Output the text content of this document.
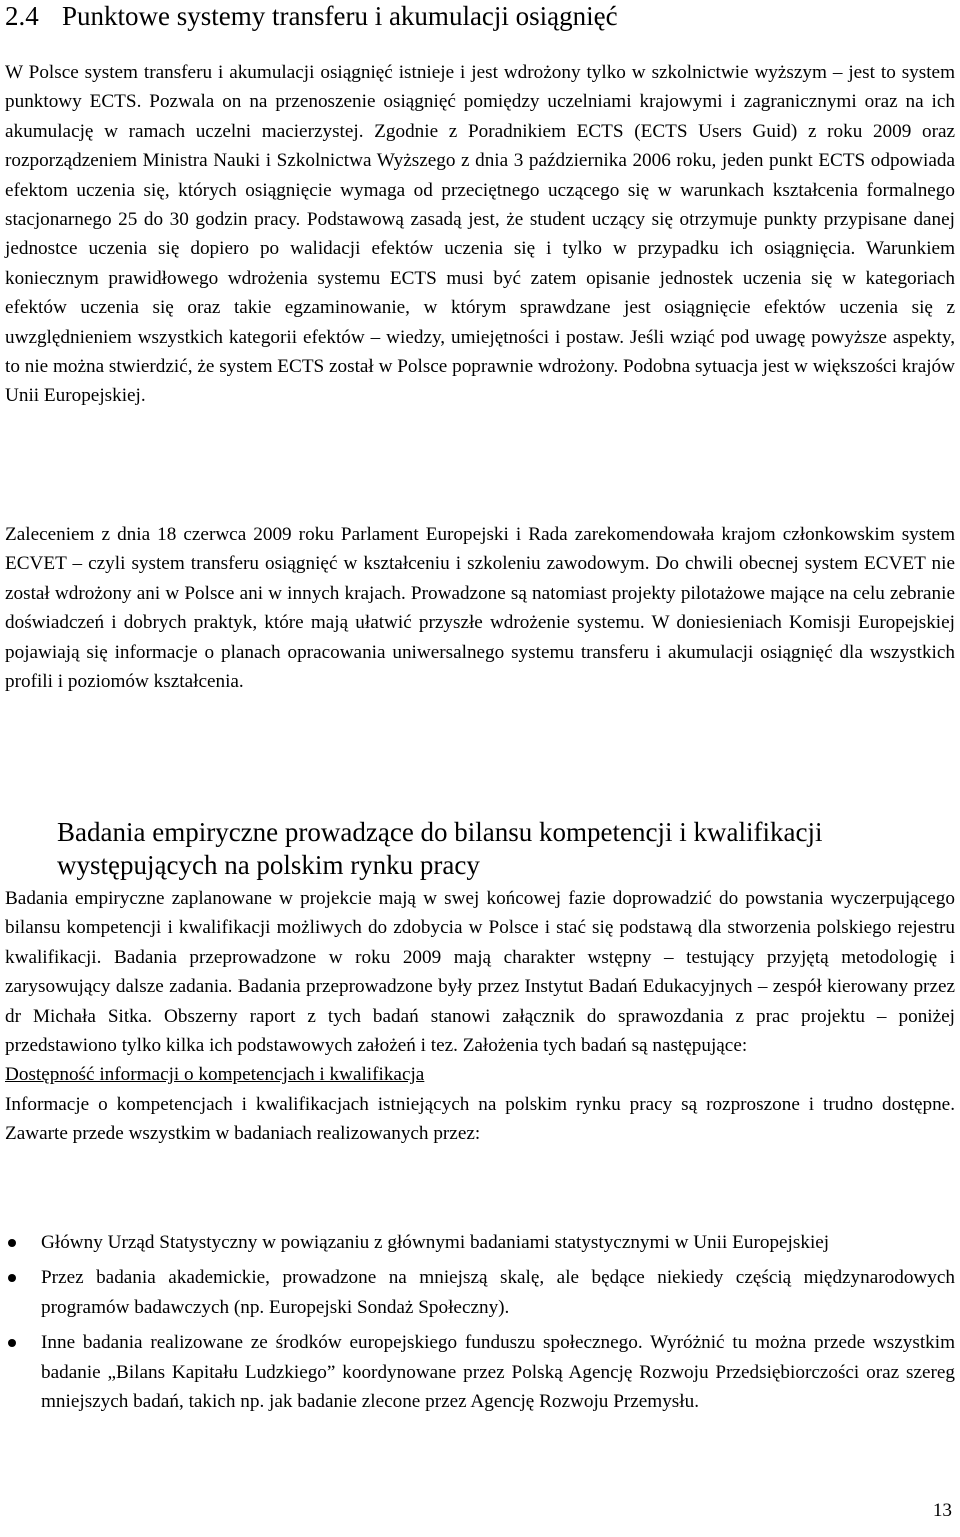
2.4 Punktowe systemy transferu i akumulacji osiągnięć

W Polsce system transferu i akumulacji osiągnięć istnieje i jest wdrożony tylko w szkolnictwie wyższym – jest to system punktowy ECTS. Pozwala on na przenoszenie osiągnięć pomiędzy uczelniami krajowymi i zagranicznymi oraz na ich akumulację w ramach uczelni macierzystej. Zgodnie z Poradnikiem ECTS (ECTS Users Guid) z roku 2009 oraz rozporządzeniem Ministra Nauki i Szkolnictwa Wyższego z dnia 3 października 2006 roku, jeden punkt ECTS odpowiada efektom uczenia się, których osiągnięcie wymaga od przeciętnego uczącego się w warunkach kształcenia formalnego stacjonarnego 25 do 30 godzin pracy. Podstawową zasadą jest, że student uczący się otrzymuje punkty przypisane danej jednostce uczenia się dopiero po walidacji efektów uczenia się i tylko w przypadku ich osiągnięcia. Warunkiem koniecznym prawidłowego wdrożenia systemu ECTS musi być zatem opisanie jednostek uczenia się w kategoriach efektów uczenia się oraz takie egzaminowanie, w którym sprawdzane jest osiągnięcie efektów uczenia się z uwzględnieniem wszystkich kategorii efektów – wiedzy, umiejętności i postaw. Jeśli wziąć pod uwagę powyższe aspekty, to nie można stwierdzić, że system ECTS został w Polsce poprawnie wdrożony. Podobna sytuacja jest w większości krajów Unii Europejskiej.

Zaleceniem z dnia 18 czerwca 2009 roku Parlament Europejski i Rada zarekomendowała krajom członkowskim system ECVET – czyli system transferu osiągnięć w kształceniu i szkoleniu zawodowym. Do chwili obecnej system ECVET nie został wdrożony ani w Polsce ani w innych krajach. Prowadzone są natomiast projekty pilotażowe mające na celu zebranie doświadczeń i dobrych praktyk, które mają ułatwić przyszłe wdrożenie systemu. W doniesieniach Komisji Europejskiej pojawiają się informacje o planach opracowania uniwersalnego systemu transferu i akumulacji osiągnięć dla wszystkich profili i poziomów kształcenia.

Badania empiryczne prowadzące do bilansu kompetencji i kwalifikacji występujących na polskim rynku pracy

Badania empiryczne zaplanowane w projekcie mają w swej końcowej fazie doprowadzić do powstania wyczerpującego bilansu kompetencji i kwalifikacji możliwych do zdobycia w Polsce i stać się podstawą dla stworzenia polskiego rejestru kwalifikacji. Badania przeprowadzone w roku 2009 mają charakter wstępny – testujący przyjętą metodologię i zarysowujący dalsze zadania. Badania przeprowadzone były przez Instytut Badań Edukacyjnych – zespół kierowany przez dr Michała Sitka. Obszerny raport z tych badań stanowi załącznik do sprawozdania z prac projektu – poniżej przedstawiono tylko kilka ich podstawowych założeń i tez. Założenia tych badań są następujące:

Dostępność informacji o kompetencjach i kwalifikacja

Informacje o kompetencjach i kwalifikacjach istniejących na polskim rynku pracy są rozproszone i trudno dostępne. Zawarte przede wszystkim w badaniach realizowanych przez:

Główny Urząd Statystyczny w powiązaniu z głównymi badaniami statystycznymi w Unii Europejskiej
Przez badania akademickie, prowadzone na mniejszą skalę, ale będące niekiedy częścią międzynarodowych programów badawczych (np. Europejski Sondaż Społeczny).
Inne badania realizowane ze środków europejskiego funduszu społecznego. Wyróżnić tu można przede wszystkim badanie „Bilans Kapitału Ludzkiego” koordynowane przez Polską Agencję Rozwoju Przedsiębiorczości oraz szereg mniejszych badań, takich np. jak badanie zlecone przez Agencję Rozwoju Przemysłu.
13
